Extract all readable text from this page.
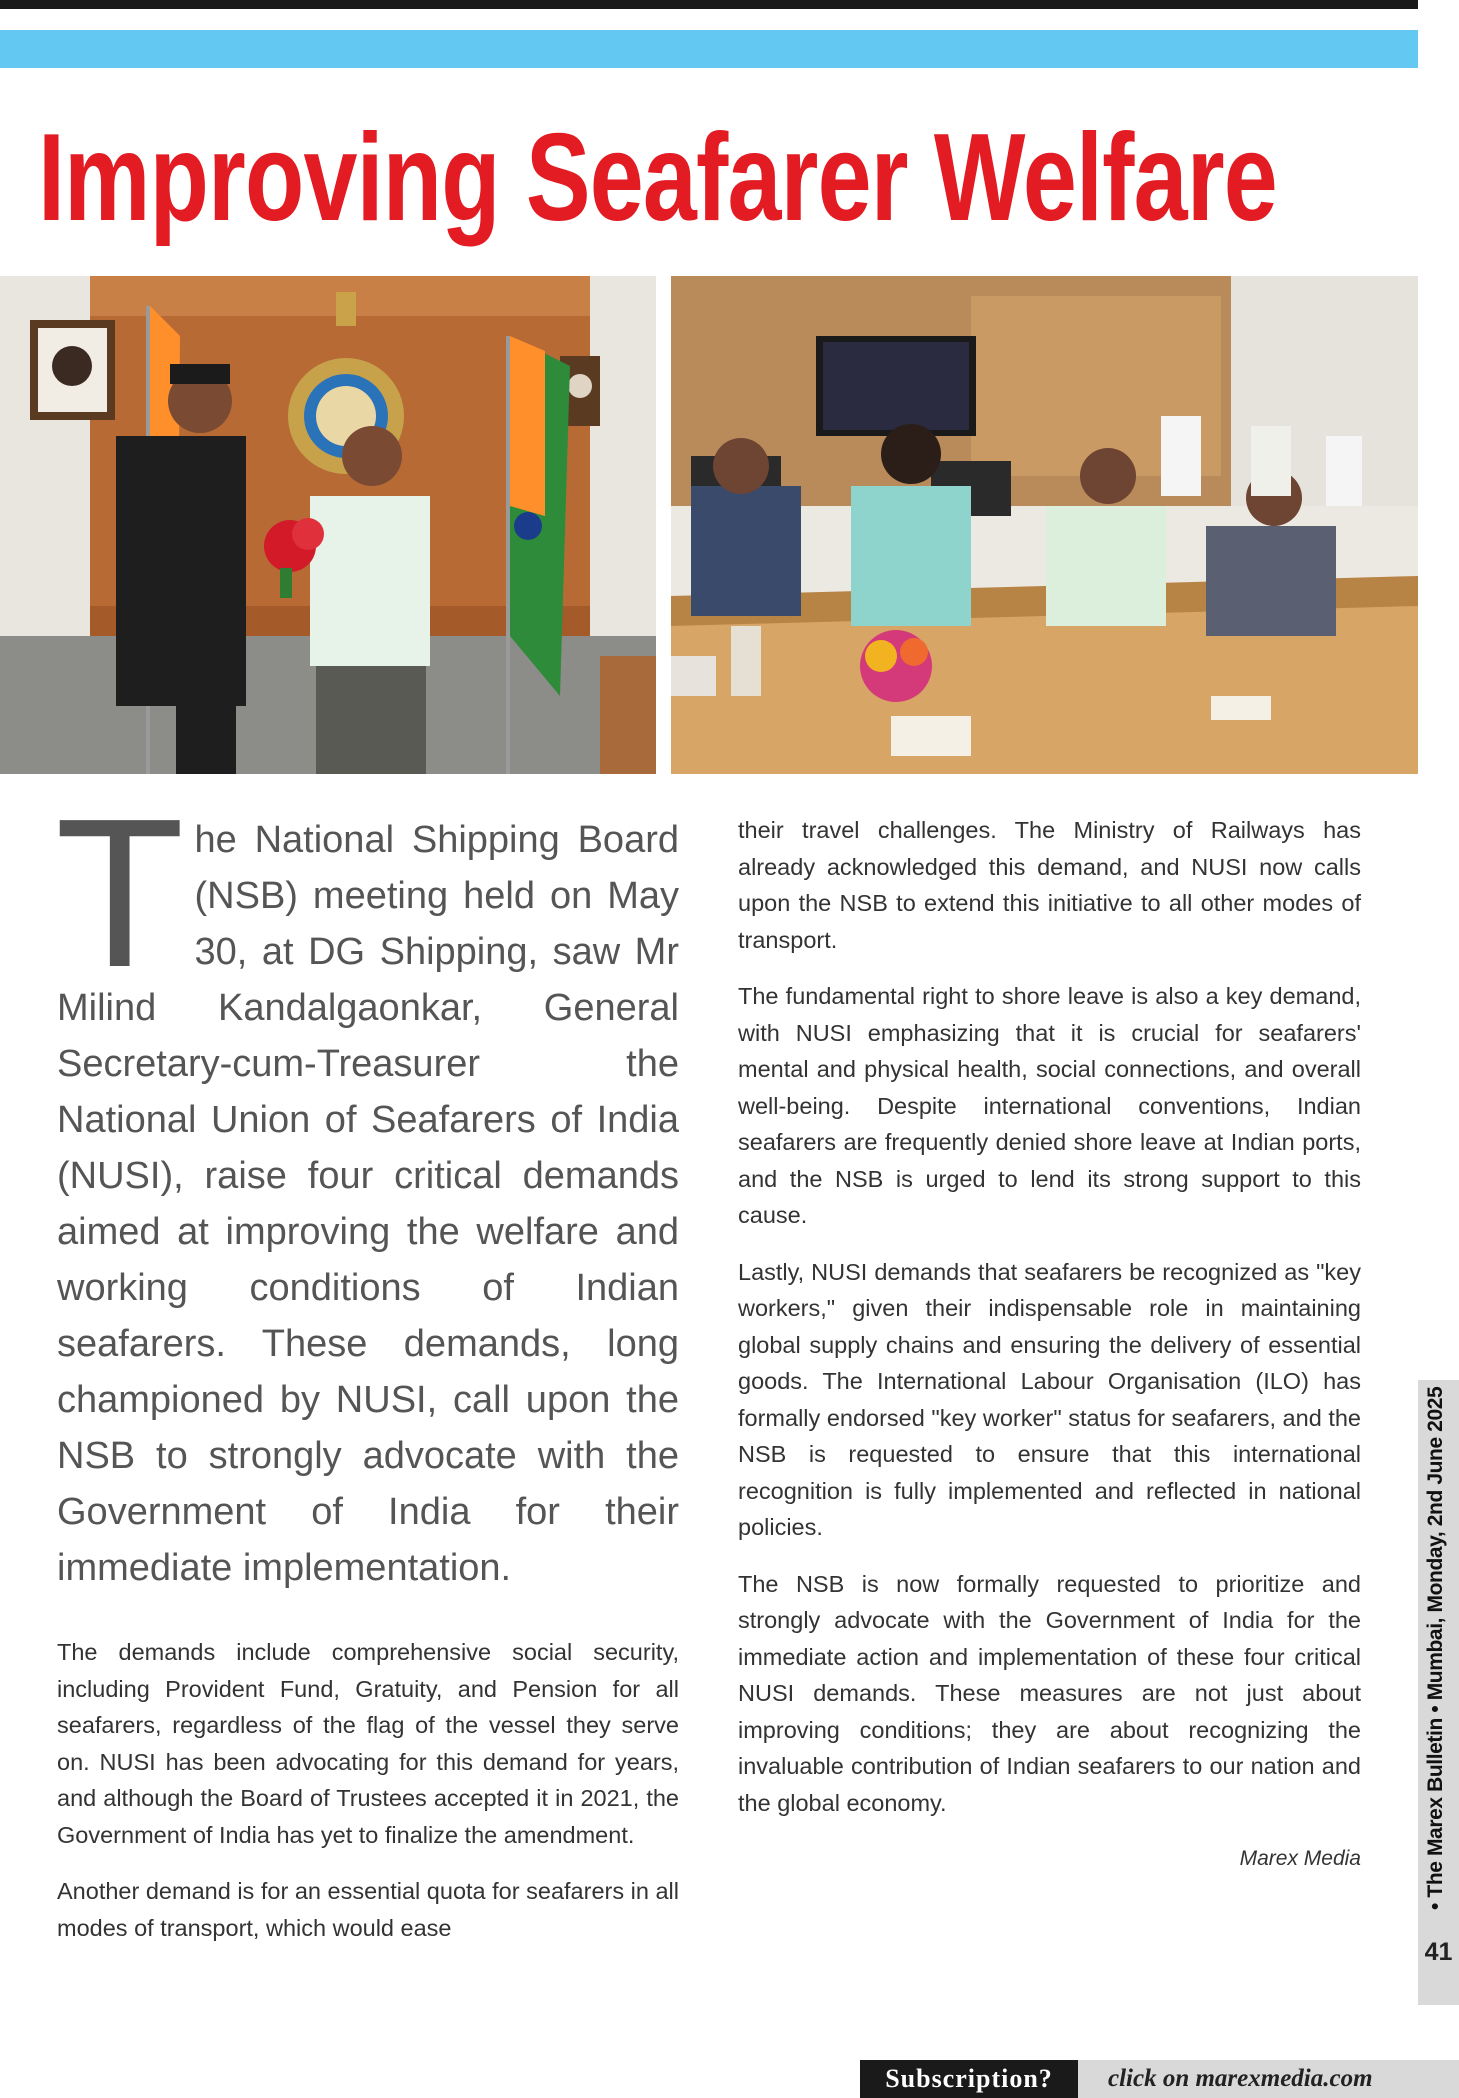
Improving Seafarer Welfare

The National Shipping Board (NSB) meeting held on May 30, at DG Shipping, saw Mr Milind Kandalgaonkar, General Secretary-cum-Treasurer the National Union of Seafarers of India (NUSI), raise four critical demands aimed at improving the welfare and working conditions of Indian seafarers. These demands, long championed by NUSI, call upon the NSB to strongly advocate with the Government of India for their immediate implementation.

The demands include comprehensive social security, including Provident Fund, Gratuity, and Pension for all seafarers, regardless of the flag of the vessel they serve on. NUSI has been advocating for this demand for years, and although the Board of Trustees accepted it in 2021, the Government of India has yet to finalize the amendment.

Another demand is for an essential quota for seafarers in all modes of transport, which would ease

their travel challenges. The Ministry of Railways has already acknowledged this demand, and NUSI now calls upon the NSB to extend this initiative to all other modes of transport.

The fundamental right to shore leave is also a key demand, with NUSI emphasizing that it is crucial for seafarers' mental and physical health, social connections, and overall well-being. Despite international conventions, Indian seafarers are frequently denied shore leave at Indian ports, and the NSB is urged to lend its strong support to this cause.

Lastly, NUSI demands that seafarers be recognized as "key workers," given their indispensable role in maintaining global supply chains and ensuring the delivery of essential goods. The International Labour Organisation (ILO) has formally endorsed "key worker" status for seafarers, and the NSB is requested to ensure that this international recognition is fully implemented and reflected in national policies.

The NSB is now formally requested to prioritize and strongly advocate with the Government of India for the immediate action and implementation of these four critical NUSI demands. These measures are not just about improving conditions; they are about recognizing the invaluable contribution of Indian seafarers to our nation and the global economy.

Marex Media	• The Marex Bulletin • Mumbai, Monday, 2nd June 2025
41
Subscription?	click on marexmedia.com
